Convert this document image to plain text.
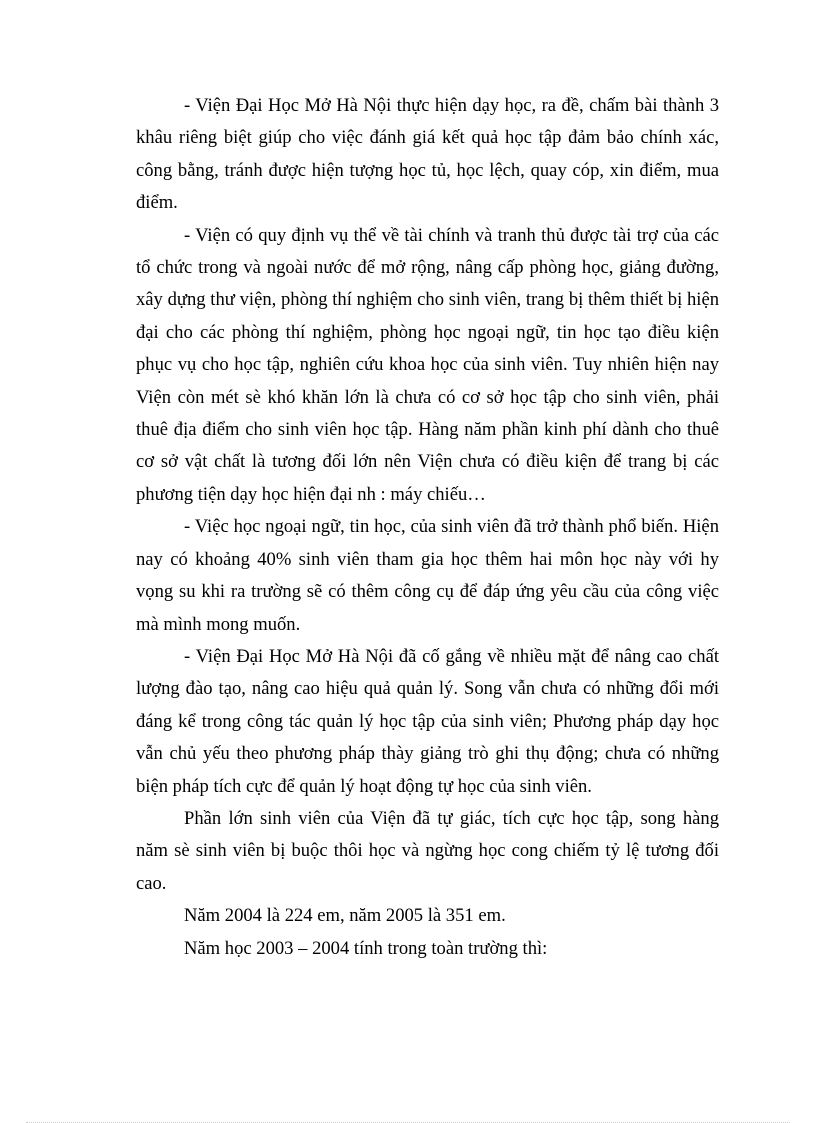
- Viện Đại Học Mở Hà Nội thực hiện dạy học, ra đề, chấm bài thành 3 khâu riêng biệt giúp cho việc đánh giá kết quả học tập đảm bảo chính xác, công bằng, tránh được hiện tượng học tủ, học lệch, quay cóp, xin điểm, mua điểm.

- Viện có quy định vụ thể về tài chính và tranh thủ được tài trợ của các tổ chức trong và ngoài nước để mở rộng, nâng cấp phòng học, giảng đường, xây dựng thư viện, phòng thí nghiệm cho sinh viên, trang bị thêm thiết bị hiện đại cho các phòng thí nghiệm, phòng học ngoại ngữ, tin học tạo điều kiện phục vụ cho học tập, nghiên cứu khoa học của sinh viên. Tuy nhiên hiện nay Viện còn mét sè khó khăn lớn là chưa có cơ sở học tập cho sinh viên, phải thuê địa điểm cho sinh viên học tập. Hàng năm phần kinh phí dành cho thuê cơ sở vật chất là tương đối lớn nên Viện chưa có điều kiện để trang bị các phương tiện dạy học hiện đại nh : máy chiếu…

- Việc học ngoại ngữ, tin học, của sinh viên đã trở thành phổ biến. Hiện nay có khoảng 40% sinh viên tham gia học thêm hai môn học này với hy vọng su khi ra trường sẽ có thêm công cụ để đáp ứng yêu cầu của công việc mà mình mong muốn.

- Viện Đại Học Mở Hà Nội đã cố gắng về nhiều mặt để nâng cao chất lượng đào tạo, nâng cao hiệu quả quản lý. Song vẫn chưa có những đổi mới đáng kể trong công tác quản lý học tập của sinh viên; Phương pháp dạy học vẫn chủ yếu theo phương pháp thày giảng trò ghi thụ động; chưa có những biện pháp tích cực để quản lý hoạt động tự học của sinh viên.

Phần lớn sinh viên của Viện đã tự giác, tích cực học tập, song hàng năm sè sinh viên bị buộc thôi học và ngừng học cong chiếm tỷ lệ tương đối cao.

Năm 2004 là 224 em, năm 2005 là 351 em.

Năm học 2003 – 2004 tính trong toàn trường thì:
